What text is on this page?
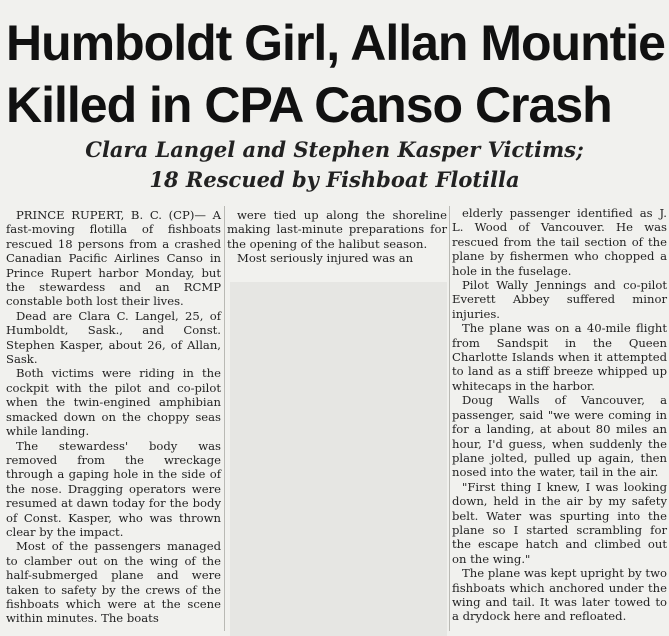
Humboldt Girl, Allan Mountie
Killed in CPA Canso Crash
Clara Langel and Stephen Kasper Victims;
18 Rescued by Fishboat Flotilla

PRINCE RUPERT, B. C. (CP)— A fast-moving flotilla of fishboats rescued 18 persons from a crashed Canadian Pacific Airlines Canso in Prince Rupert harbor Monday, but the stewardess and an RCMP constable both lost their lives.

Dead are Clara C. Langel, 25, of Humboldt, Sask., and Const. Stephen Kasper, about 26, of Allan, Sask.

Both victims were riding in the cockpit with the pilot and co-pilot when the twin-engined amphibian smacked down on the choppy seas while landing.

The stewardess' body was removed from the wreckage through a gaping hole in the side of the nose. Dragging operators were resumed at dawn today for the body of Const. Kasper, who was thrown clear by the impact.

Most of the passengers managed to clamber out on the wing of the half-submerged plane and were taken to safety by the crews of the fishboats which were at the scene within minutes. The boats

were tied up along the shoreline making last-minute preparations for the opening of the halibut season.

Most seriously injured was an

elderly passenger identified as J. L. Wood of Vancouver. He was rescued from the tail section of the plane by fishermen who chopped a hole in the fuselage.

Pilot Wally Jennings and co-pilot Everett Abbey suffered minor injuries.

The plane was on a 40-mile flight from Sandspit in the Queen Charlotte Islands when it attempted to land as a stiff breeze whipped up whitecaps in the harbor.

Doug Walls of Vancouver, a passenger, said "we were coming in for a landing, at about 80 miles an hour, I'd guess, when suddenly the plane jolted, pulled up again, then nosed into the water, tail in the air.

"First thing I knew, I was looking down, held in the air by my safety belt. Water was spurting into the plane so I started scrambling for the escape hatch and climbed out on the wing."

The plane was kept upright by two fishboats which anchored under the wing and tail. It was later towed to a drydock here and refloated.
